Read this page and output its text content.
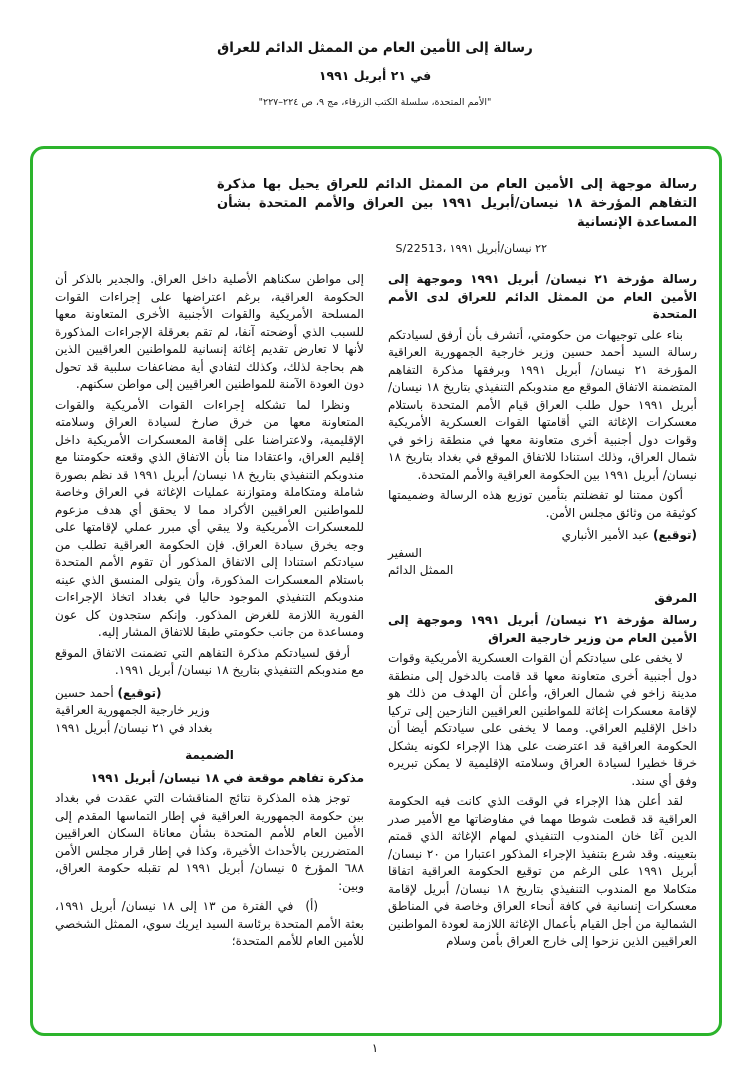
رسالة إلى الأمين العام من الممثل الدائم للعراق
في ٢١ أبريل ١٩٩١
"الأمم المتحدة، سلسلة الكتب الزرقاء، مج ٩، ص ٢٢٤–٢٢٧"
رسالة موجهة إلى الأمين العام من الممثل الدائم للعراق يحيل بها مذكرة التفاهم المؤرخة ١٨ نيسان/أبريل ١٩٩١ بين العراق والأمم المتحدة بشأن المساعدة الإنسانية
S/22513، ٢٢ نيسان/أبريل ١٩٩١

رسالة مؤرخة ٢١ نيسان/ أبريل ١٩٩١ وموجهة إلى الأمين العام من الممثل الدائم للعراق لدى الأمم المتحدة

بناء على توجيهات من حكومتي، أتشرف بأن أرفق لسيادتكم رسالة السيد أحمد حسين وزير خارجية الجمهورية العراقية المؤرخة ٢١ نيسان/ أبريل ١٩٩١ وبرفقها مذكرة التفاهم المتضمنة الاتفاق الموقع مع مندوبكم التنفيذي بتاريخ ١٨ نيسان/ أبريل ١٩٩١ حول طلب العراق قيام الأمم المتحدة باستلام معسكرات الإغاثة التي أقامتها القوات العسكرية الأمريكية وقوات دول أجنبية أخرى متعاونة معها في منطقة زاخو في شمال العراق، وذلك استنادا للاتفاق الموقع في بغداد بتاريخ ١٨ نيسان/ أبريل ١٩٩١ بين الحكومة العراقية والأمم المتحدة.

أكون ممتنا لو تفضلتم بتأمين توزيع هذه الرسالة وضميمتها كوثيقة من وثائق مجلس الأمن.

(توقيع) عبد الأمير الأنباري
السفير
الممثل الدائم
المرفق

رسالة مؤرخة ٢١ نيسان/ أبريل ١٩٩١ وموجهة إلى الأمين العام من وزير خارجية العراق

لا يخفى على سيادتكم أن القوات العسكرية الأمريكية وقوات دول أجنبية أخرى متعاونة معها قد قامت بالدخول إلى منطقة مدينة زاخو في شمال العراق، وأعلن أن الهدف من ذلك هو لإقامة معسكرات إغاثة للمواطنين العراقيين النازحين إلى تركيا داخل الإقليم العراقي. ومما لا يخفى على سيادتكم أيضا أن الحكومة العراقية قد اعترضت على هذا الإجراء لكونه يشكل خرقا خطيرا لسيادة العراق وسلامته الإقليمية لا يمكن تبريره وفق أي سند.

لقد أعلن هذا الإجراء في الوقت الذي كانت فيه الحكومة العراقية قد قطعت شوطا مهما في مفاوضاتها مع الأمير صدر الدين آغا خان المندوب التنفيذي لمهام الإغاثة الذي قمتم بتعيينه. وقد شرع بتنفيذ الإجراء المذكور اعتبارا من ٢٠ نيسان/ أبريل ١٩٩١ على الرغم من توقيع الحكومة العراقية اتفاقا متكاملا مع المندوب التنفيذي بتاريخ ١٨ نيسان/ أبريل لإقامة معسكرات إنسانية في كافة أنحاء العراق وخاصة في المناطق الشمالية من أجل القيام بأعمال الإغاثة اللازمة لعودة المواطنين العراقيين الذين نزحوا إلى خارج العراق بأمن وسلام

إلى مواطن سكناهم الأصلية داخل العراق. والجدير بالذكر أن الحكومة العراقية، برغم اعتراضها على إجراءات القوات المسلحة الأمريكية والقوات الأجنبية الأخرى المتعاونة معها للسبب الذي أوضحته آنفا، لم تقم بعرقلة الإجراءات المذكورة لأنها لا تعارض تقديم إغاثة إنسانية للمواطنين العراقيين الذين هم بحاجة لذلك، وكذلك لتفادي أية مضاعفات سلبية قد تحول دون العودة الآمنة للمواطنين العراقيين إلى مواطن سكنهم.

ونظرا لما تشكله إجراءات القوات الأمريكية والقوات المتعاونة معها من خرق صارخ لسيادة العراق وسلامته الإقليمية، ولاعتراضنا على إقامة المعسكرات الأمريكية داخل إقليم العراق، واعتقادا منا بأن الاتفاق الذي وقعته حكومتنا مع مندوبكم التنفيذي بتاريخ ١٨ نيسان/ أبريل ١٩٩١ قد نظم بصورة شاملة ومتكاملة ومتوازنة عمليات الإغاثة في العراق وخاصة للمواطنين العراقيين الأكراد مما لا يحقق أي هدف مزعوم للمعسكرات الأمريكية ولا يبقي أي مبرر عملي لإقامتها على وجه يخرق سيادة العراق. فإن الحكومة العراقية تطلب من سيادتكم استنادا إلى الاتفاق المذكور أن تقوم الأمم المتحدة باستلام المعسكرات المذكورة، وأن يتولى المنسق الذي عينه مندوبكم التنفيذي الموجود حاليا في بغداد اتخاذ الإجراءات الفورية اللازمة للغرض المذكور. وإنكم ستجدون كل عون ومساعدة من جانب حكومتي طبقا للاتفاق المشار إليه.

أرفق لسيادتكم مذكرة التفاهم التي تضمنت الاتفاق الموقع مع مندوبكم التنفيذي بتاريخ ١٨ نيسان/ أبريل ١٩٩١.

(توقيع) أحمد حسين
وزير خارجية الجمهورية العراقية
بغداد في ٢١ نيسان/ أبريل ١٩٩١
الضميمة

مذكرة تفاهم موقعة في ١٨ نيسان/ أبريل ١٩٩١

توجز هذه المذكرة نتائج المناقشات التي عقدت في بغداد بين حكومة الجمهورية العراقية في إطار التماسها المقدم إلى الأمين العام للأمم المتحدة بشأن معاناة السكان العراقيين المتضررين بالأحداث الأخيرة، وكذا في إطار قرار مجلس الأمن ٦٨٨ المؤرخ ٥ نيسان/ أبريل ١٩٩١ لم تقبله حكومة العراق، وبين:

(أ)في الفترة من ١٣ إلى ١٨ نيسان/ أبريل ١٩٩١، بعثة الأمم المتحدة برئاسة السيد ايريك سوي، الممثل الشخصي للأمين العام للأمم المتحدة؛

١
